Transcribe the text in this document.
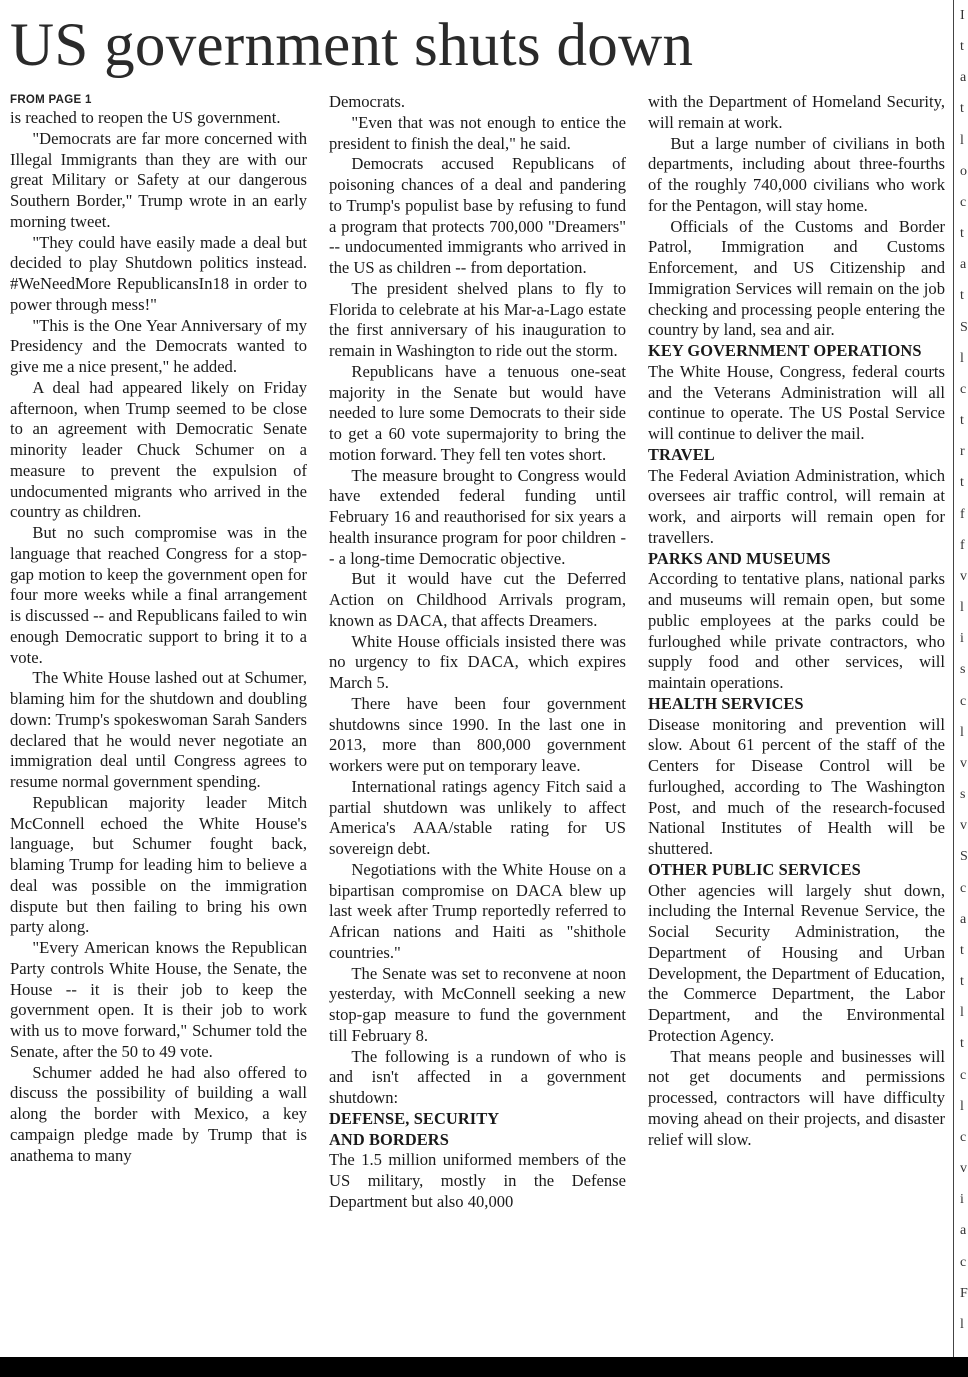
US government shuts down
FROM PAGE 1

is reached to reopen the US government.

"Democrats are far more concerned with Illegal Immigrants than they are with our great Military or Safety at our dangerous Southern Border," Trump wrote in an early morning tweet.

"They could have easily made a deal but decided to play Shutdown politics instead. #WeNeedMore RepublicansIn18 in order to power through mess!"

"This is the One Year Anniversary of my Presidency and the Democrats wanted to give me a nice present," he added.

A deal had appeared likely on Friday afternoon, when Trump seemed to be close to an agreement with Democratic Senate minority leader Chuck Schumer on a measure to prevent the expulsion of undocumented migrants who arrived in the country as children.

But no such compromise was in the language that reached Congress for a stop-gap motion to keep the government open for four more weeks while a final arrangement is discussed -- and Republicans failed to win enough Democratic support to bring it to a vote.

The White House lashed out at Schumer, blaming him for the shutdown and doubling down: Trump's spokeswoman Sarah Sanders declared that he would never negotiate an immigration deal until Congress agrees to resume normal government spending.

Republican majority leader Mitch McConnell echoed the White House's language, but Schumer fought back, blaming Trump for leading him to believe a deal was possible on the immigration dispute but then failing to bring his own party along.

"Every American knows the Republican Party controls White House, the Senate, the House -- it is their job to keep the government open. It is their job to work with us to move forward," Schumer told the Senate, after the 50 to 49 vote.

Schumer added he had also offered to discuss the possibility of building a wall along the border with Mexico, a key campaign pledge made by Trump that is anathema to many

Democrats.

"Even that was not enough to entice the president to finish the deal," he said.

Democrats accused Republicans of poisoning chances of a deal and pandering to Trump's populist base by refusing to fund a program that protects 700,000 "Dreamers" -- undocumented immigrants who arrived in the US as children -- from deportation.

The president shelved plans to fly to Florida to celebrate at his Mar-a-Lago estate the first anniversary of his inauguration to remain in Washington to ride out the storm.

Republicans have a tenuous one-seat majority in the Senate but would have needed to lure some Democrats to their side to get a 60 vote supermajority to bring the motion forward. They fell ten votes short.

The measure brought to Congress would have extended federal funding until February 16 and reauthorised for six years a health insurance program for poor children -- a long-time Democratic objective.

But it would have cut the Deferred Action on Childhood Arrivals program, known as DACA, that affects Dreamers.

White House officials insisted there was no urgency to fix DACA, which expires March 5.

There have been four government shutdowns since 1990. In the last one in 2013, more than 800,000 government workers were put on temporary leave.

International ratings agency Fitch said a partial shutdown was unlikely to affect America's AAA/stable rating for US sovereign debt.

Negotiations with the White House on a bipartisan compromise on DACA blew up last week after Trump reportedly referred to African nations and Haiti as "shithole countries."

The Senate was set to reconvene at noon yesterday, with McConnell seeking a new stop-gap measure to fund the government till February 8.

The following is a rundown of who is and isn't affected in a government shutdown:

DEFENSE, SECURITY
AND BORDERS

The 1.5 million uniformed members of the US military, mostly in the Defense Department but also 40,000

with the Department of Homeland Security, will remain at work.

But a large number of civilians in both departments, including about three-fourths of the roughly 740,000 civilians who work for the Pentagon, will stay home.

Officials of the Customs and Border Patrol, Immigration and Customs Enforcement, and US Citizenship and Immigration Services will remain on the job checking and processing people entering the country by land, sea and air.

KEY GOVERNMENT OPERATIONS

The White House, Congress, federal courts and the Veterans Administration will all continue to operate. The US Postal Service will continue to deliver the mail.

TRAVEL

The Federal Aviation Administration, which oversees air traffic control, will remain at work, and airports will remain open for travellers.

PARKS AND MUSEUMS

According to tentative plans, national parks and museums will remain open, but some public employees at the parks could be furloughed while private contractors, who supply food and other services, will maintain operations.

HEALTH SERVICES

Disease monitoring and prevention will slow. About 61 percent of the staff of the Centers for Disease Control will be furloughed, according to The Washington Post, and much of the research-focused National Institutes of Health will be shuttered.

OTHER PUBLIC SERVICES

Other agencies will largely shut down, including the Internal Revenue Service, the Social Security Administration, the Department of Housing and Urban Development, the Department of Education, the Commerce Department, the Labor Department, and the Environmental Protection Agency.

That means people and businesses will not get documents and permissions processed, contractors will have difficulty moving ahead on their projects, and disaster relief will slow.

I
t
a
t
l
o
c
t
a
t
S
l
c
t
r
t
f
f
v
l
i
s
c
l
v
s
v
S
c
a
t
t
l
t
c
l
c
v
i
a
c
F
l
